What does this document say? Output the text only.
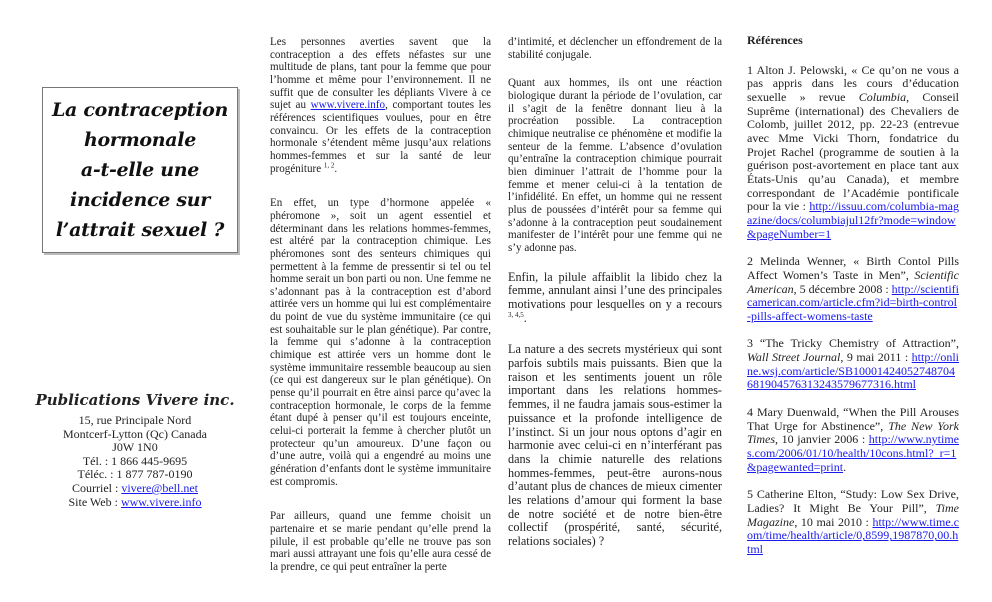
La contraception
hormonale
a-t-elle une
incidence sur
l’attrait sexuel ?
Publications Vivere inc.
15, rue Principale Nord
Montcerf-Lytton (Qc) Canada
J0W 1N0
Tél. : 1 866 445-9695
Téléc. : 1 877 787-0190
Courriel : vivere@bell.net
Site Web : www.vivere.info

Les personnes averties savent que la contraception a des effets néfastes sur une multitude de plans, tant pour la femme que pour l’homme et même pour l’environnement. Il ne suffit que de consulter les dépliants Vivere à ce sujet au www.vivere.info, comportant toutes les références scientifiques voulues, pour en être convaincu. Or les effets de la contraception hormonale s’étendent même jusqu’aux relations hommes-femmes et sur la santé de leur progéniture $^{1, 2}$.

En effet, un type d’hormone appelée « phéromone », soit un agent essentiel et déterminant dans les relations hommes-femmes, est altéré par la contraception chimique. Les phéromones sont des senteurs chimiques qui permettent à la femme de pressentir si tel ou tel homme serait un bon parti ou non. Une femme ne s’adonnant pas à la contraception est d’abord attirée vers un homme qui lui est complémentaire du point de vue du système immunitaire (ce qui est souhaitable sur le plan génétique). Par contre, la femme qui s’adonne à la contraception chimique est attirée vers un homme dont le système immunitaire ressemble beaucoup au sien (ce qui est dangereux sur le plan génétique). On pense qu’il pourrait en être ainsi parce qu’avec la contraception hormonale, le corps de la femme étant dupé à penser qu’il est toujours enceinte, celui-ci porterait la femme à chercher plutôt un protecteur qu’un amoureux. D’une façon ou d’une autre, voilà qui a engendré au moins une génération d’enfants dont le système immunitaire est compromis.

Par ailleurs, quand une femme choisit un partenaire et se marie pendant qu’elle prend la pilule, il est probable qu’elle ne trouve pas son mari aussi attrayant une fois qu’elle aura cessé de la prendre, ce qui peut entraîner la perte

d’intimité, et déclencher un effondrement de la stabilité conjugale.

Quant aux hommes, ils ont une réaction biologique durant la période de l’ovulation, car il s’agit de la fenêtre donnant lieu à la procréation possible. La contraception chimique neutralise ce phénomène et modifie la senteur de la femme. L’absence d’ovulation qu’entraîne la contraception chimique pourrait bien diminuer l’attrait de l’homme pour la femme et mener celui-ci à la tentation de l’infidélité. En effet, un homme qui ne ressent plus de poussées d’intérêt pour sa femme qui s’adonne à la contraception peut soudainement manifester de l’intérêt pour une femme qui ne s’y adonne pas.

Enfin, la pilule affaiblit la libido chez la femme, annulant ainsi l’une des principales motivations pour lesquelles on y a recours $^{3, 4,5}$.

La nature a des secrets mystérieux qui sont parfois subtils mais puissants. Bien que la raison et les sentiments jouent un rôle important dans les relations hommes-femmes, il ne faudra jamais sous-estimer la puissance et la profonde intelligence de l’instinct. Si un jour nous optons d’agir en harmonie avec celui-ci en n’interférant pas dans la chimie naturelle des relations hommes-femmes, peut-être aurons-nous d’autant plus de chances de mieux cimenter les relations d’amour qui forment la base de notre société et de notre bien-être collectif (prospérité, santé, sécurité, relations sociales) ?

Références

1 Alton J. Pelowski, « Ce qu’on ne vous a pas appris dans les cours d’éducation sexuelle » revue Columbia, Conseil Suprême (international) des Chevaliers de Colomb, juillet 2012, pp. 22-23 (entrevue avec Mme Vicki Thorn, fondatrice du Projet Rachel (programme de soutien à la guérison post-avortement en place tant aux États-Unis qu’au Canada), et membre correspondant de l’Académie pontificale pour la vie : http://issuu.com/columbia-magazine/docs/columbiajul12fr?mode=window&pageNumber=1

2 Melinda Wenner, « Birth Contol Pills Affect Women’s Taste in Men”, Scientific American, 5 décembre 2008 : http://scientificamerican.com/article.cfm?id=birth-control-pills-affect-womens-taste

3 “The Tricky Chemistry of Attraction”, Wall Street Journal, 9 mai 2011 : http://online.wsj.com/article/SB10001424052748704681904576313243579677316.html

4 Mary Duenwald, “When the Pill Arouses That Urge for Abstinence”, The New York Times, 10 janvier 2006 : http://www.nytimes.com/2006/01/10/health/10cons.html?_r=1&pagewanted=print.

5 Catherine Elton, “Study: Low Sex Drive, Ladies? It Might Be Your Pill”, Time Magazine, 10 mai 2010 : http://www.time.com/time/health/article/0,8599,1987870,00.html
